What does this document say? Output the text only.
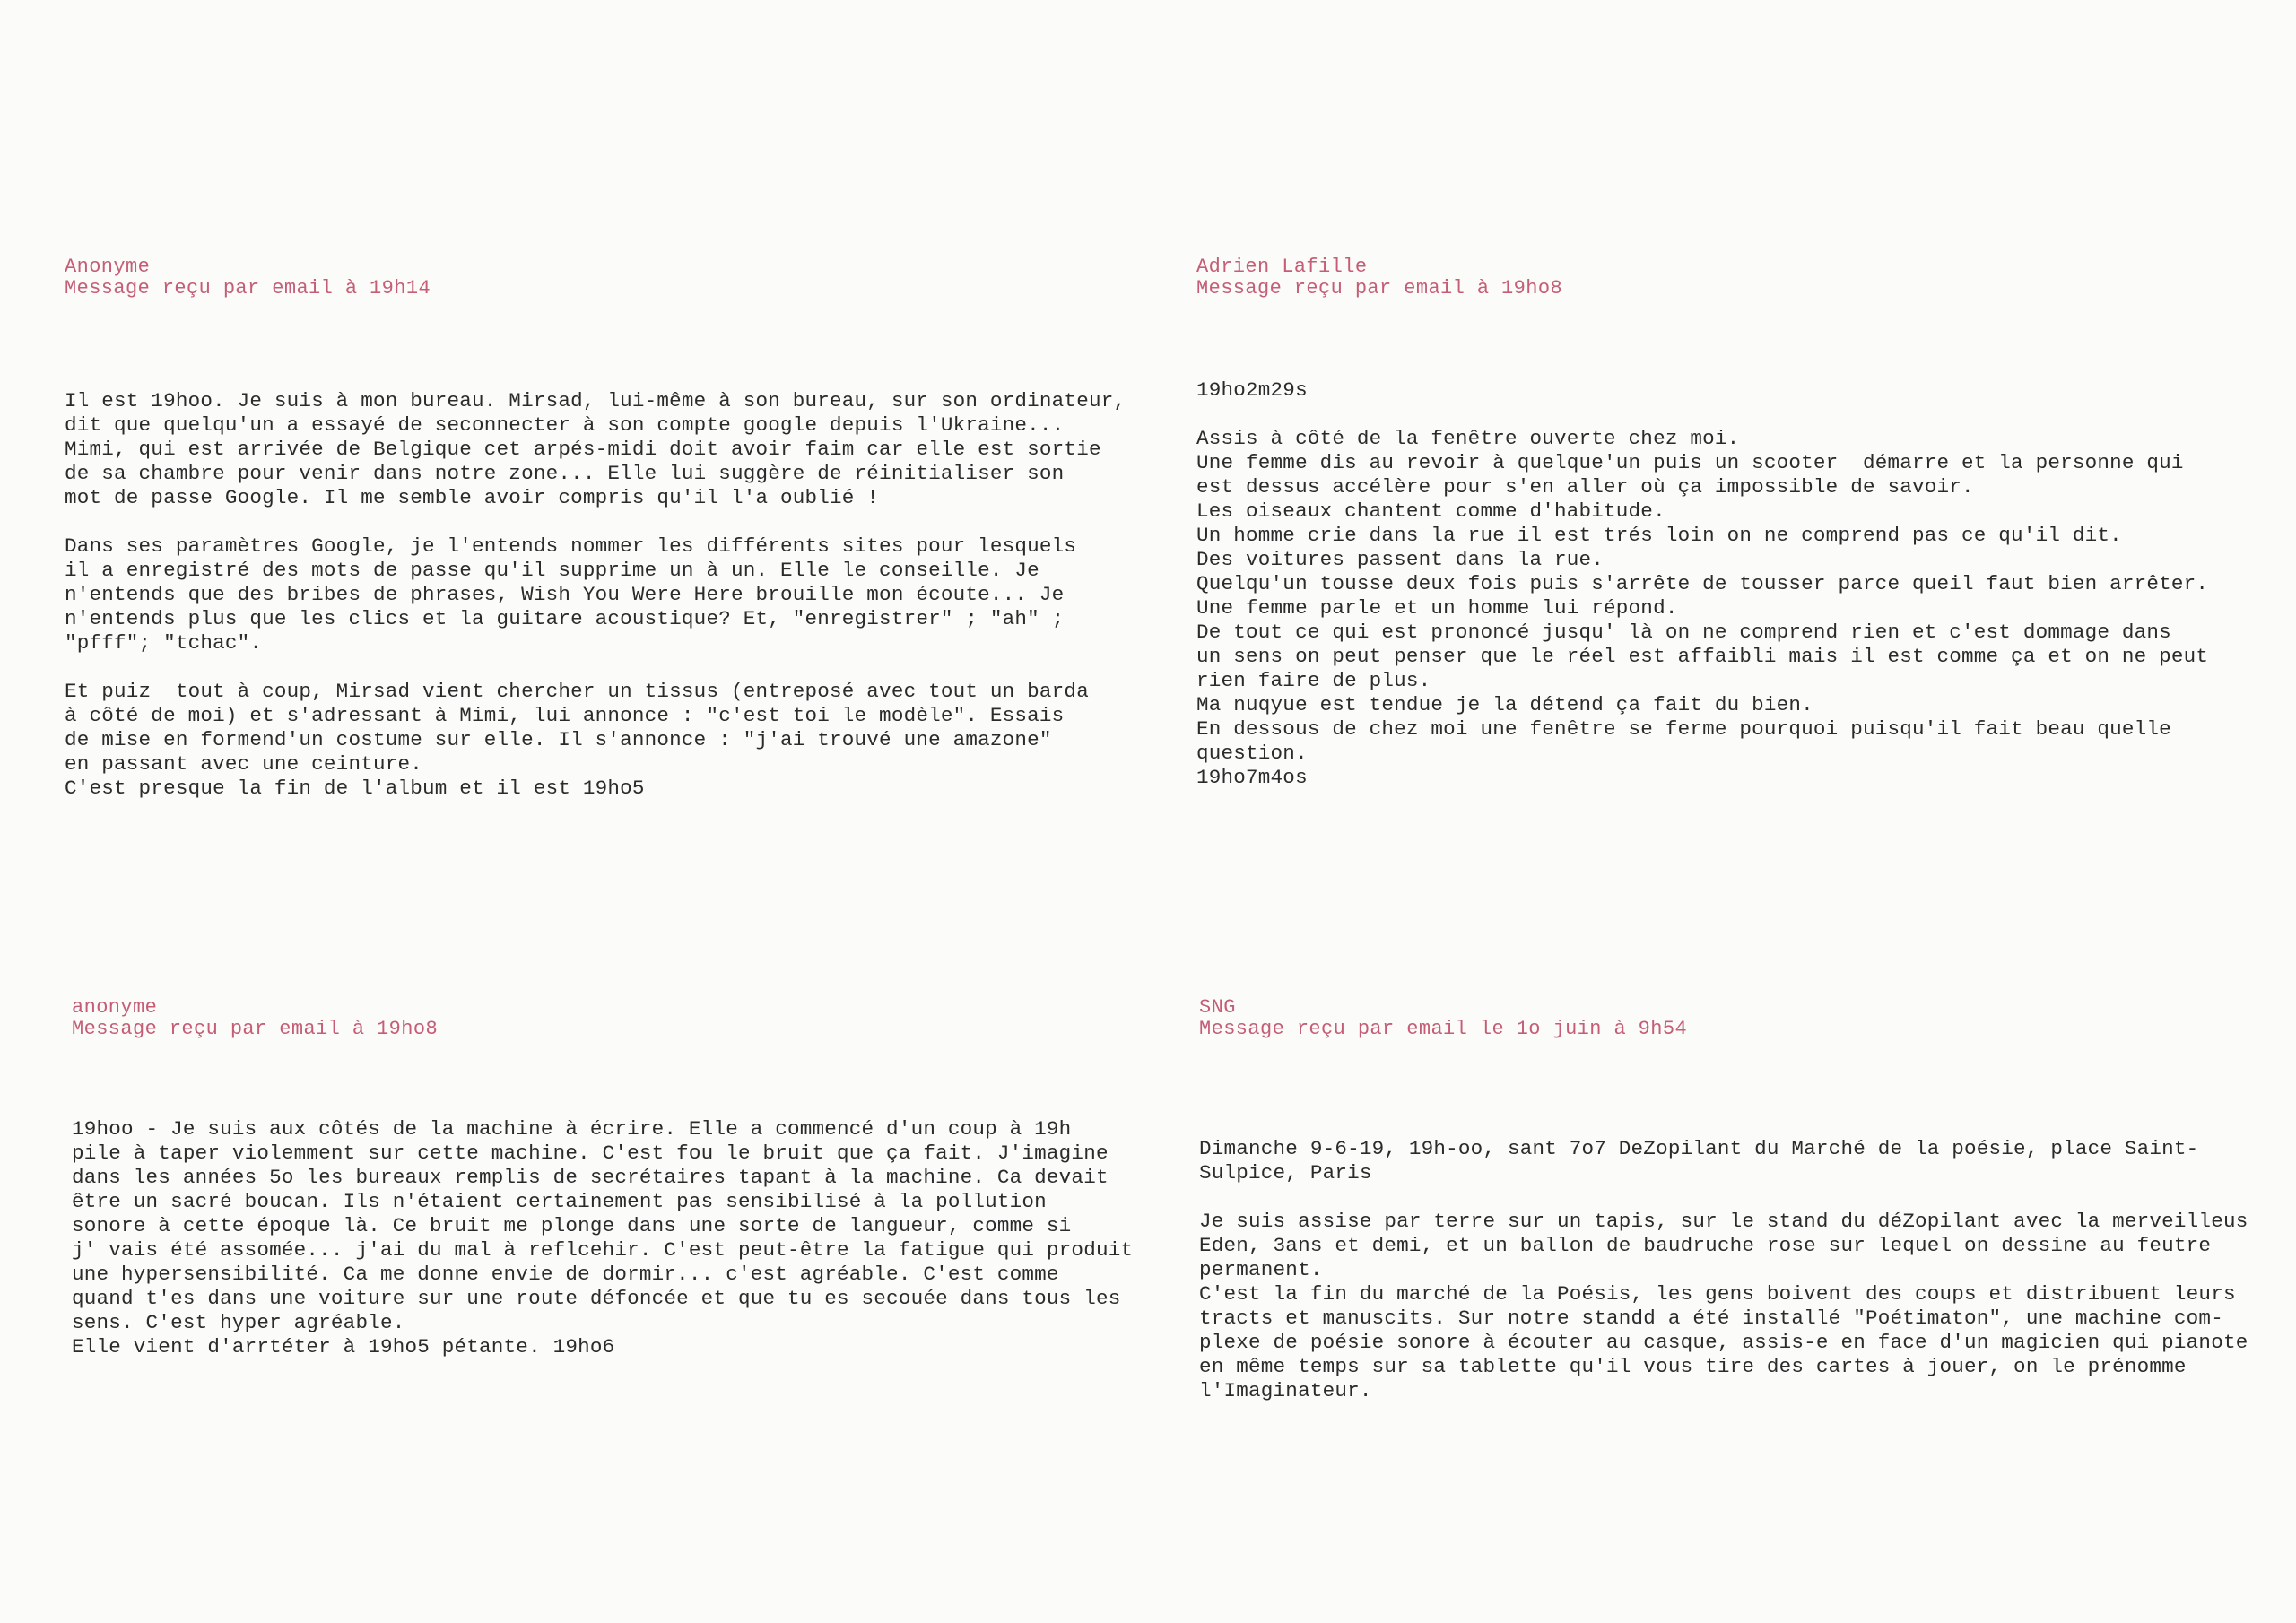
Anonyme
Message reçu par email à 19h14
Il est 19hoo. Je suis à mon bureau. Mirsad, lui-même à son bureau, sur son ordinateur,
dit que quelqu'un a essayé de seconnecter à son compte google depuis l'Ukraine...
Mimi, qui est arrivée de Belgique cet arpés-midi doit avoir faim car elle est sortie
de sa chambre pour venir dans notre zone... Elle lui suggère de réinitialiser son
mot de passe Google. Il me semble avoir compris qu'il l'a oublié !
Dans ses paramètres Google, je l'entends nommer les différents sites pour lesquels
il a enregistré des mots de passe qu'il supprime un à un. Elle le conseille. Je
n'entends que des bribes de phrases, Wish You Were Here brouille mon écoute... Je
n'entends plus que les clics et la guitare acoustique? Et, "enregistrer" ; "ah" ;
"pfff"; "tchac".
Et puiz  tout à coup, Mirsad vient chercher un tissus (entreposé avec tout un barda
à côté de moi) et s'adressant à Mimi, lui annonce : "c'est toi le modèle". Essais
de mise en formend'un costume sur elle. Il s'annonce : "j'ai trouvé une amazone"
en passant avec une ceinture.
C'est presque la fin de l'album et il est 19ho5
Adrien Lafille
Message reçu par email à 19ho8
19ho2m29s
Assis à côté de la fenêtre ouverte chez moi.
Une femme dis au revoir à quelque'un puis un scooter  démarre et la personne qui
est dessus accélère pour s'en aller où ça impossible de savoir.
Les oiseaux chantent comme d'habitude.
Un homme crie dans la rue il est trés loin on ne comprend pas ce qu'il dit.
Des voitures passent dans la rue.
Quelqu'un tousse deux fois puis s'arrête de tousser parce queil faut bien arrêter.
Une femme parle et un homme lui répond.
De tout ce qui est prononcé jusqu' là on ne comprend rien et c'est dommage dans
un sens on peut penser que le réel est affaibli mais il est comme ça et on ne peut
rien faire de plus.
Ma nuqyue est tendue je la détend ça fait du bien.
En dessous de chez moi une fenêtre se ferme pourquoi puisqu'il fait beau quelle
question.
19ho7m4os
anonyme
Message reçu par email à 19ho8
19hoo - Je suis aux côtés de la machine à écrire. Elle a commencé d'un coup à 19h
pile à taper violemment sur cette machine. C'est fou le bruit que ça fait. J'imagine
dans les années 5o les bureaux remplis de secrétaires tapant à la machine. Ca devait
être un sacré boucan. Ils n'étaient certainement pas sensibilisé à la pollution
sonore à cette époque là. Ce bruit me plonge dans une sorte de langueur, comme si
j' vais été assomée... j'ai du mal à reflcehir. C'est peut-être la fatigue qui produit
une hypersensibilité. Ca me donne envie de dormir... c'est agréable. C'est comme
quand t'es dans une voiture sur une route défoncée et que tu es secouée dans tous les
sens. C'est hyper agréable.
Elle vient d'arrtéter à 19ho5 pétante. 19ho6
SNG
Message reçu par email le 1o juin à 9h54
Dimanche 9-6-19, 19h-oo, sant 7o7 DeZopilant du Marché de la poésie, place Saint-
Sulpice, Paris
Je suis assise par terre sur un tapis, sur le stand du déZopilant avec la merveilleus
Eden, 3ans et demi, et un ballon de baudruche rose sur lequel on dessine au feutre
permanent.
C'est la fin du marché de la Poésis, les gens boivent des coups et distribuent leurs
tracts et manuscits. Sur notre standd a été installé "Poétimaton", une machine com-
plexe de poésie sonore à écouter au casque, assis-e en face d'un magicien qui pianote
en même temps sur sa tablette qu'il vous tire des cartes à jouer, on le prénomme
l'Imaginateur.
